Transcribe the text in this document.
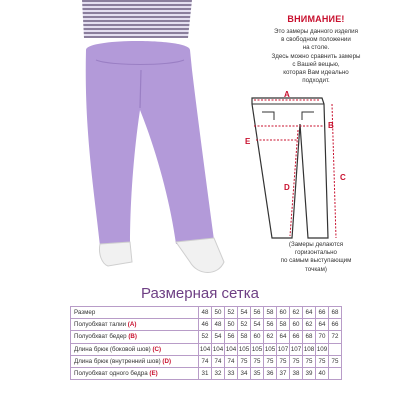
ВНИМАНИЕ!
Это замеры данного изделия
в свободном положении
на столе.
Здесь можно сравнить замеры
с Вашей вещью,
которая Вам идеально
подходит.
A
B
E
C
D
(Замеры делаются
горизонтально
по самым выступающим
точкам)
Размерная сетка
Размер	48	50	52	54	56	58	60	62	64	66	68
Полуобхват талии (A)	46	48	50	52	54	56	58	60	62	64	66
Полуобхват бедер (B)	52	54	56	58	60	62	64	66	68	70	72
Длина брюк (боковой шов) (C)	104	104	104	105	105	105	107	107	108	109	
Длина брюк (внутренний шов) (D)	74	74	74	75	75	75	75	75	75	75	75
Полуобхват одного бедра (E)	31	32	33	34	35	36	37	38	39	40	
